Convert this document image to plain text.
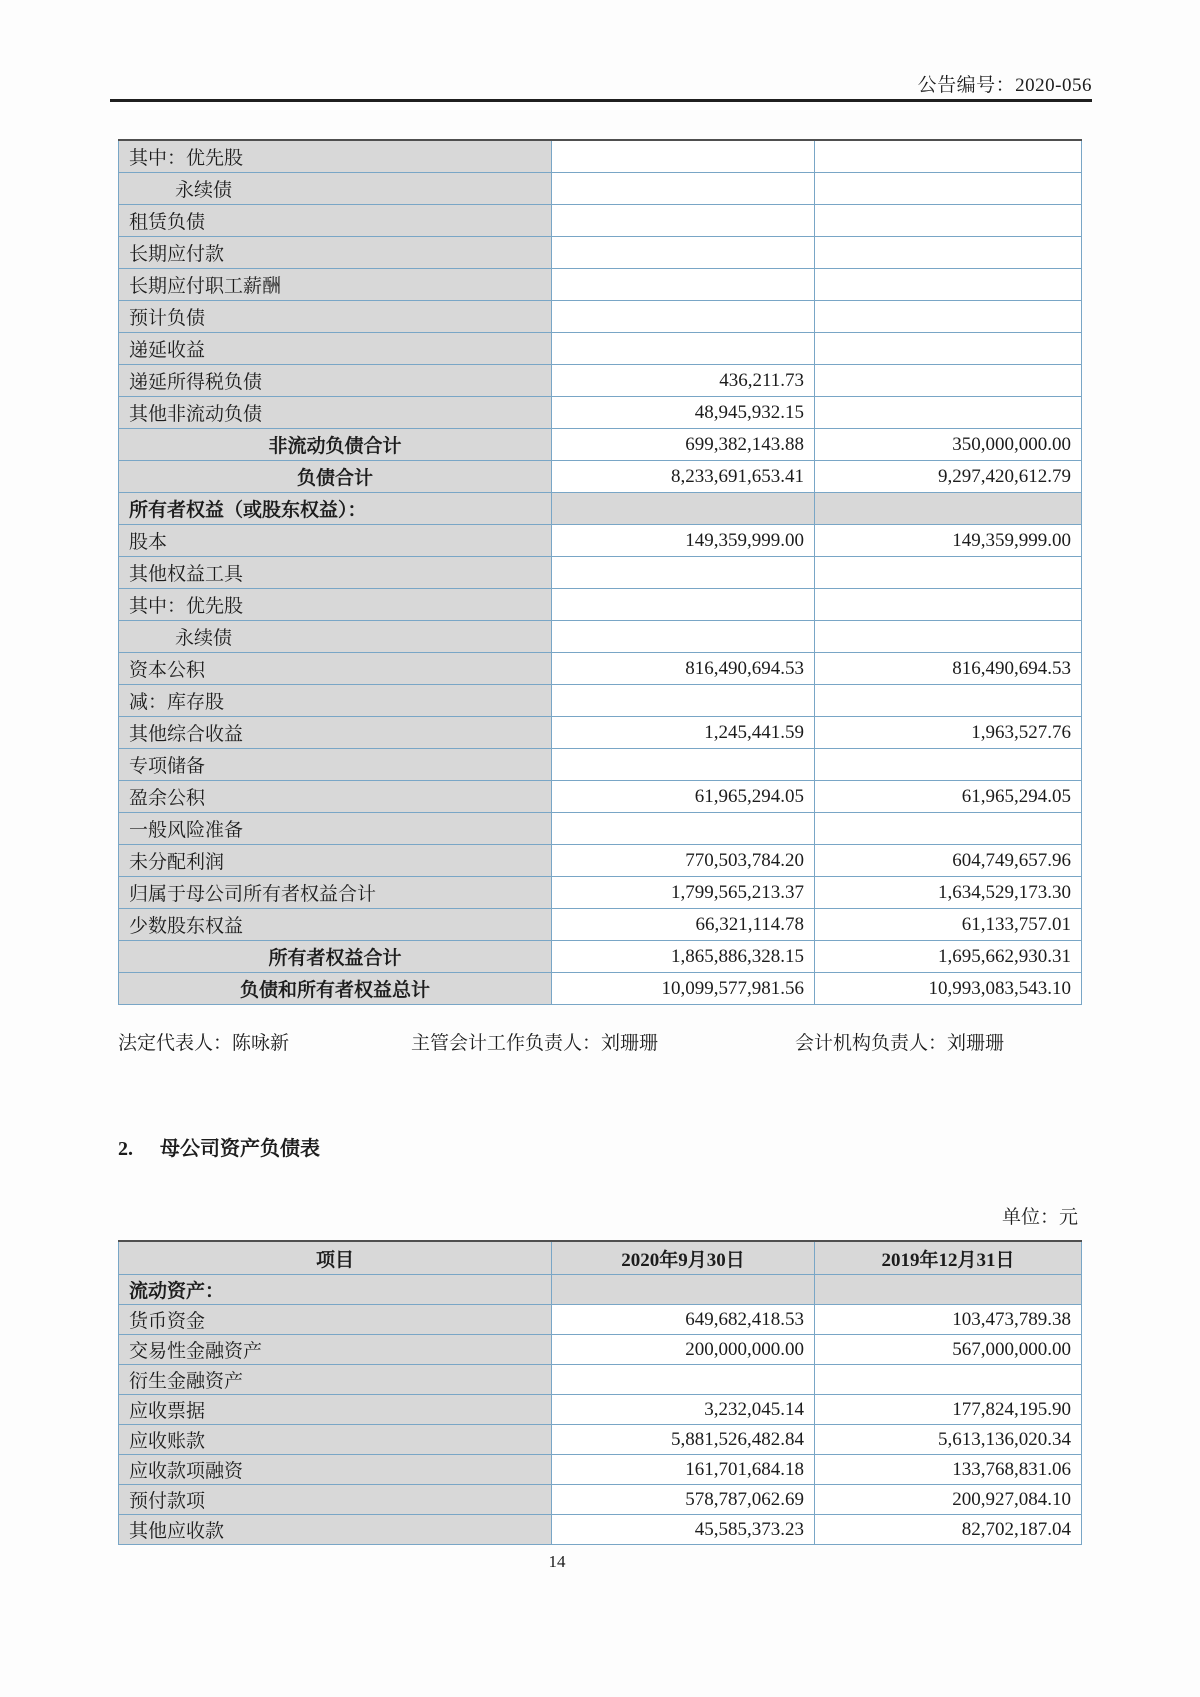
公告编号：2020-056
其中：优先股		
永续债		
租赁负债		
长期应付款		
长期应付职工薪酬		
预计负债		
递延收益		
递延所得税负债	436,211.73	
其他非流动负债	48,945,932.15	
非流动负债合计	699,382,143.88	350,000,000.00
负债合计	8,233,691,653.41	9,297,420,612.79
所有者权益（或股东权益）：		
股本	149,359,999.00	149,359,999.00
其他权益工具		
其中：优先股		
永续债		
资本公积	816,490,694.53	816,490,694.53
减：库存股		
其他综合收益	1,245,441.59	1,963,527.76
专项储备		
盈余公积	61,965,294.05	61,965,294.05
一般风险准备		
未分配利润	770,503,784.20	604,749,657.96
归属于母公司所有者权益合计	1,799,565,213.37	1,634,529,173.30
少数股东权益	66,321,114.78	61,133,757.01
所有者权益合计	1,865,886,328.15	1,695,662,930.31
负债和所有者权益总计	10,099,577,981.56	10,993,083,543.10
法定代表人：陈咏新	主管会计工作负责人：刘珊珊	会计机构负责人：刘珊珊
2. 母公司资产负债表
单位：元
项目	2020年9月30日	2019年12月31日
流动资产：		
货币资金	649,682,418.53	103,473,789.38
交易性金融资产	200,000,000.00	567,000,000.00
衍生金融资产		
应收票据	3,232,045.14	177,824,195.90
应收账款	5,881,526,482.84	5,613,136,020.34
应收款项融资	161,701,684.18	133,768,831.06
预付款项	578,787,062.69	200,927,084.10
其他应收款	45,585,373.23	82,702,187.04
14
